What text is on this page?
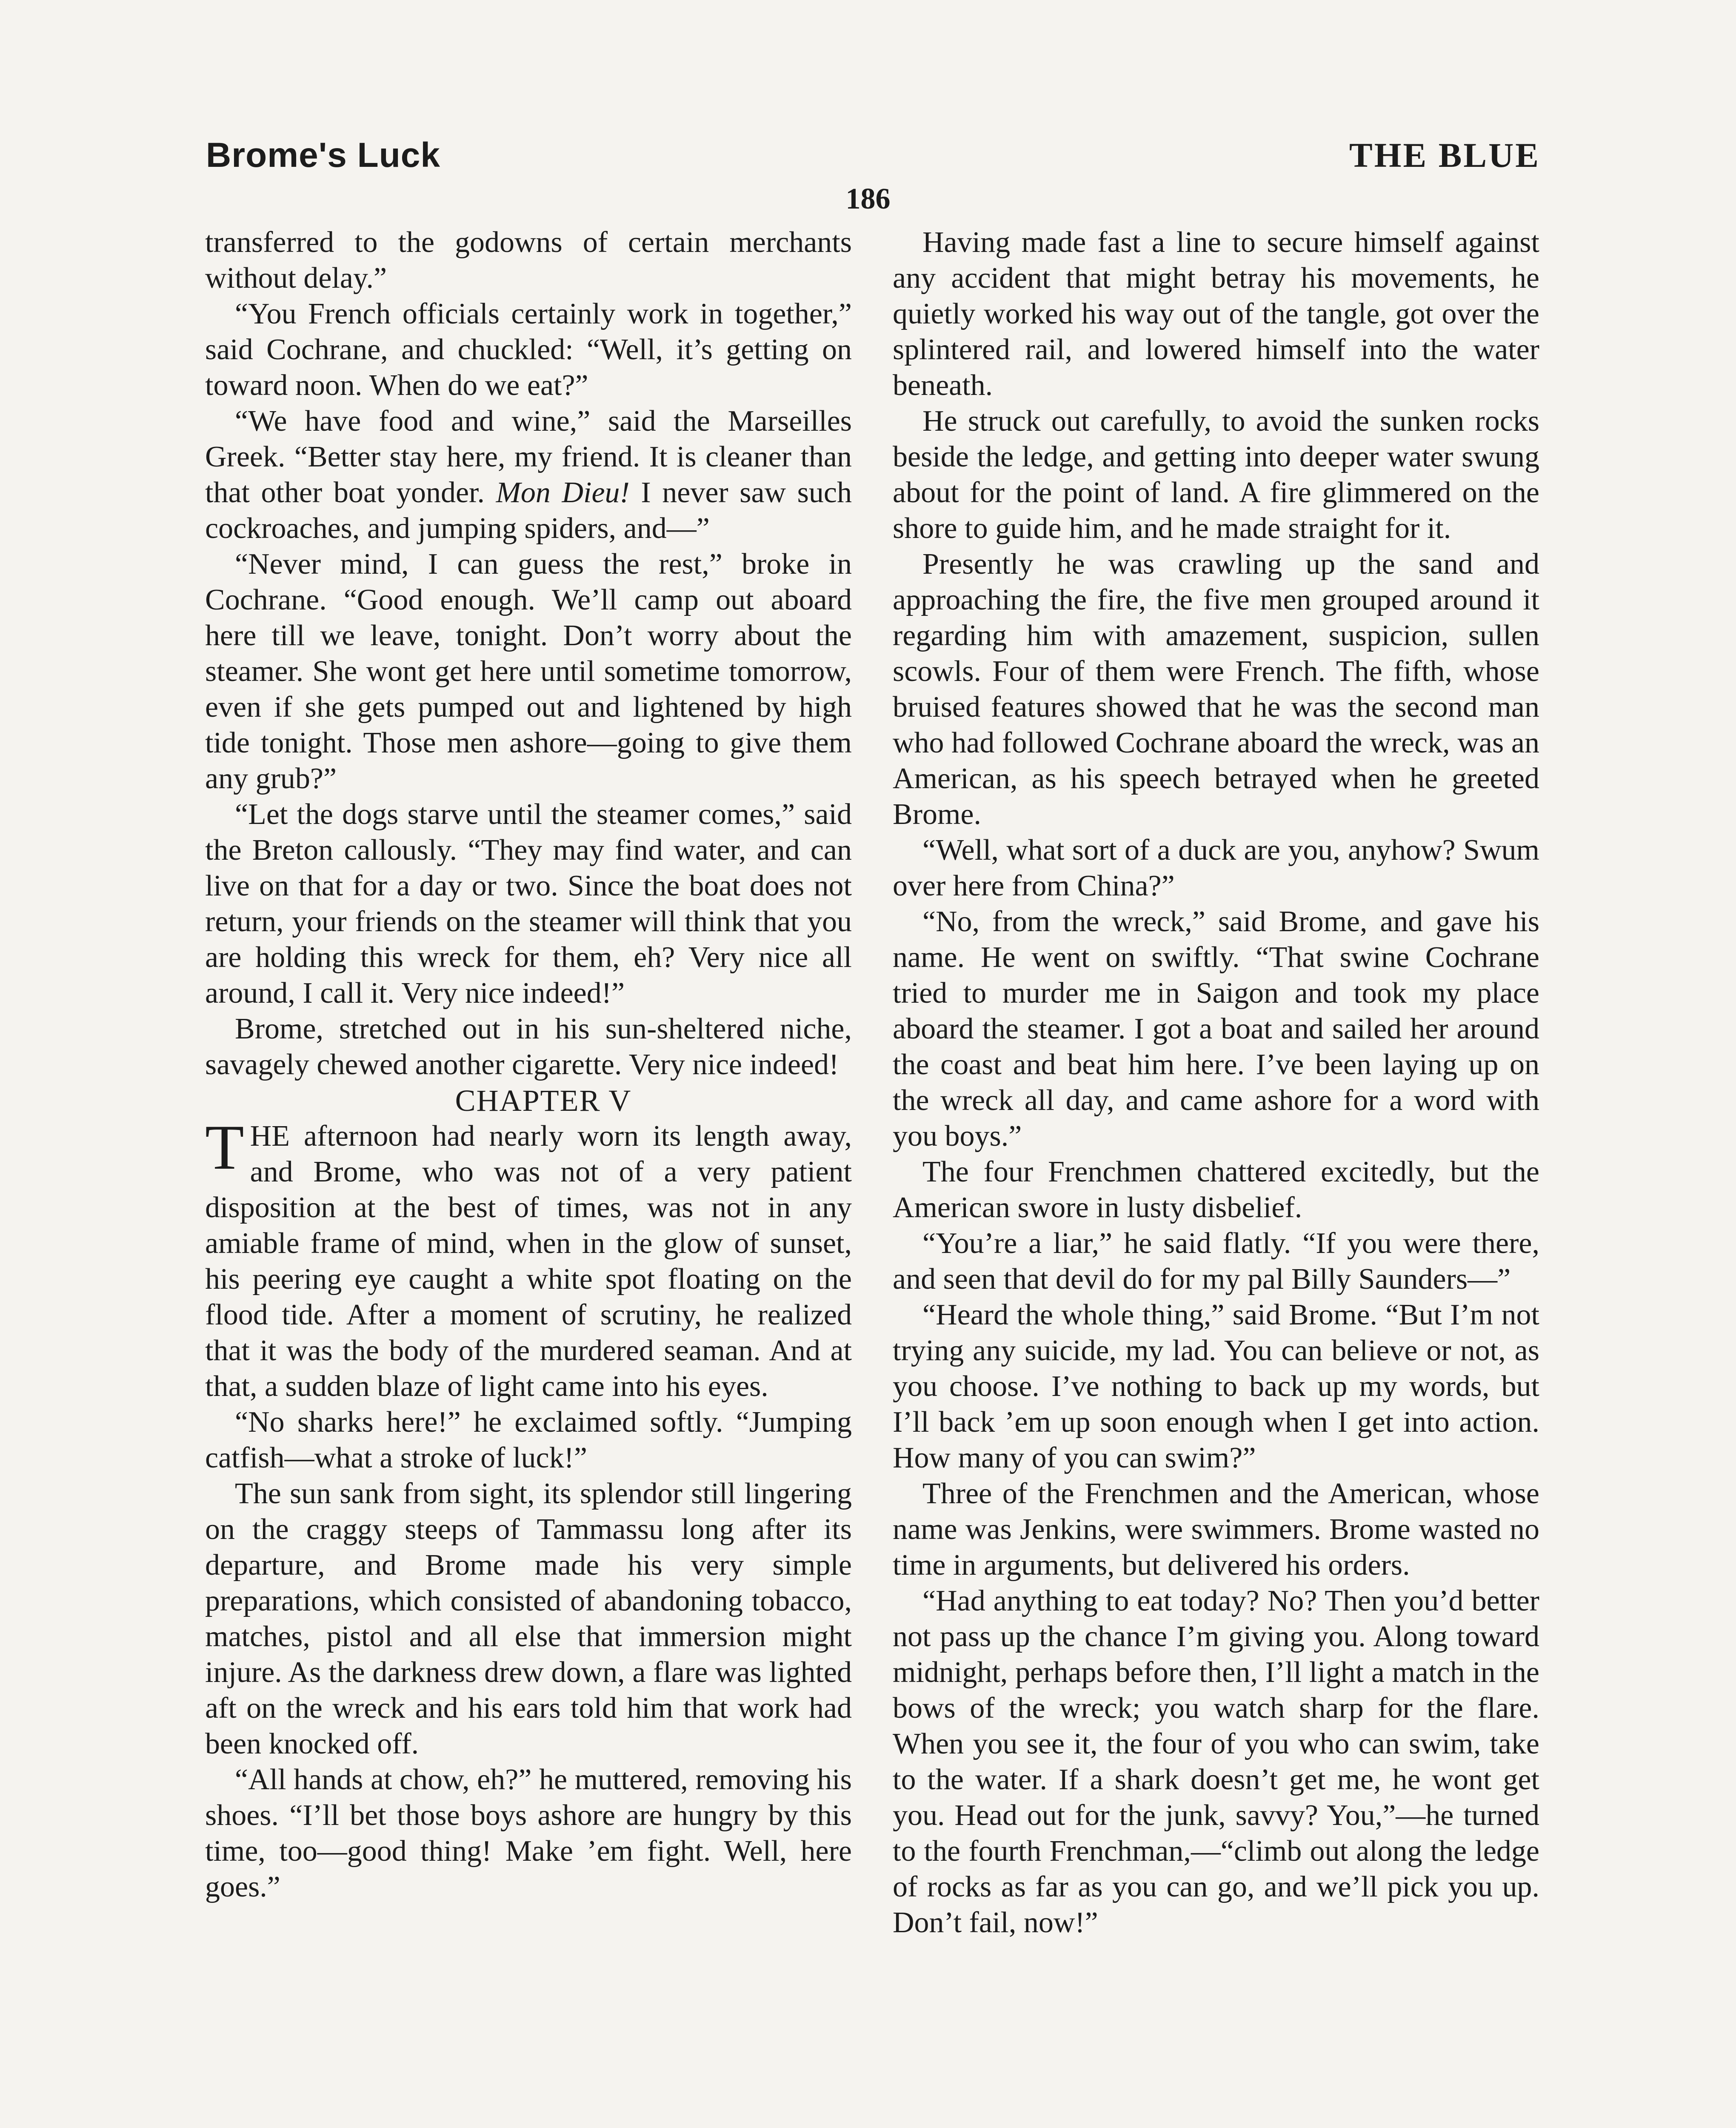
Brome's Luck	THE BLUE
186

transferred to the godowns of certain merchants without delay.”

“You French officials certainly work in together,” said Cochrane, and chuckled: “Well, it’s getting on toward noon. When do we eat?”

“We have food and wine,” said the Marseilles Greek. “Better stay here, my friend. It is cleaner than that other boat yonder. Mon Dieu! I never saw such cockroaches, and jumping spiders, and—”

“Never mind, I can guess the rest,” broke in Cochrane. “Good enough. We’ll camp out aboard here till we leave, tonight. Don’t worry about the steamer. She wont get here until sometime tomorrow, even if she gets pumped out and lightened by high tide tonight. Those men ashore—going to give them any grub?”

“Let the dogs starve until the steamer comes,” said the Breton callously. “They may find water, and can live on that for a day or two. Since the boat does not return, your friends on the steamer will think that you are holding this wreck for them, eh? Very nice all around, I call it. Very nice indeed!”

Brome, stretched out in his sun-sheltered niche, savagely chewed another cigarette. Very nice indeed!

CHAPTER V

THE afternoon had nearly worn its length away, and Brome, who was not of a very patient disposition at the best of times, was not in any amiable frame of mind, when in the glow of sunset, his peering eye caught a white spot floating on the flood tide. After a moment of scrutiny, he realized that it was the body of the murdered seaman. And at that, a sudden blaze of light came into his eyes.

“No sharks here!” he exclaimed softly. “Jumping catfish—what a stroke of luck!”

The sun sank from sight, its splendor still lingering on the craggy steeps of Tammassu long after its departure, and Brome made his very simple preparations, which consisted of abandoning tobacco, matches, pistol and all else that immersion might injure. As the darkness drew down, a flare was lighted aft on the wreck and his ears told him that work had been knocked off.

“All hands at chow, eh?” he muttered, removing his shoes. “I’ll bet those boys ashore are hungry by this time, too—good thing! Make ’em fight. Well, here goes.”

Having made fast a line to secure himself against any accident that might betray his movements, he quietly worked his way out of the tangle, got over the splintered rail, and lowered himself into the water beneath.

He struck out carefully, to avoid the sunken rocks beside the ledge, and getting into deeper water swung about for the point of land. A fire glimmered on the shore to guide him, and he made straight for it.

Presently he was crawling up the sand and approaching the fire, the five men grouped around it regarding him with amazement, suspicion, sullen scowls. Four of them were French. The fifth, whose bruised features showed that he was the second man who had followed Cochrane aboard the wreck, was an American, as his speech betrayed when he greeted Brome.

“Well, what sort of a duck are you, anyhow? Swum over here from China?”

“No, from the wreck,” said Brome, and gave his name. He went on swiftly. “That swine Cochrane tried to murder me in Saigon and took my place aboard the steamer. I got a boat and sailed her around the coast and beat him here. I’ve been laying up on the wreck all day, and came ashore for a word with you boys.”

The four Frenchmen chattered excitedly, but the American swore in lusty disbelief.

“You’re a liar,” he said flatly. “If you were there, and seen that devil do for my pal Billy Saunders—”

“Heard the whole thing,” said Brome. “But I’m not trying any suicide, my lad. You can believe or not, as you choose. I’ve nothing to back up my words, but I’ll back ’em up soon enough when I get into action. How many of you can swim?”

Three of the Frenchmen and the American, whose name was Jenkins, were swimmers. Brome wasted no time in arguments, but delivered his orders.

“Had anything to eat today? No? Then you’d better not pass up the chance I’m giving you. Along toward midnight, perhaps before then, I’ll light a match in the bows of the wreck; you watch sharp for the flare. When you see it, the four of you who can swim, take to the water. If a shark doesn’t get me, he wont get you. Head out for the junk, savvy? You,”—he turned to the fourth Frenchman,—“climb out along the ledge of rocks as far as you can go, and we’ll pick you up. Don’t fail, now!”
